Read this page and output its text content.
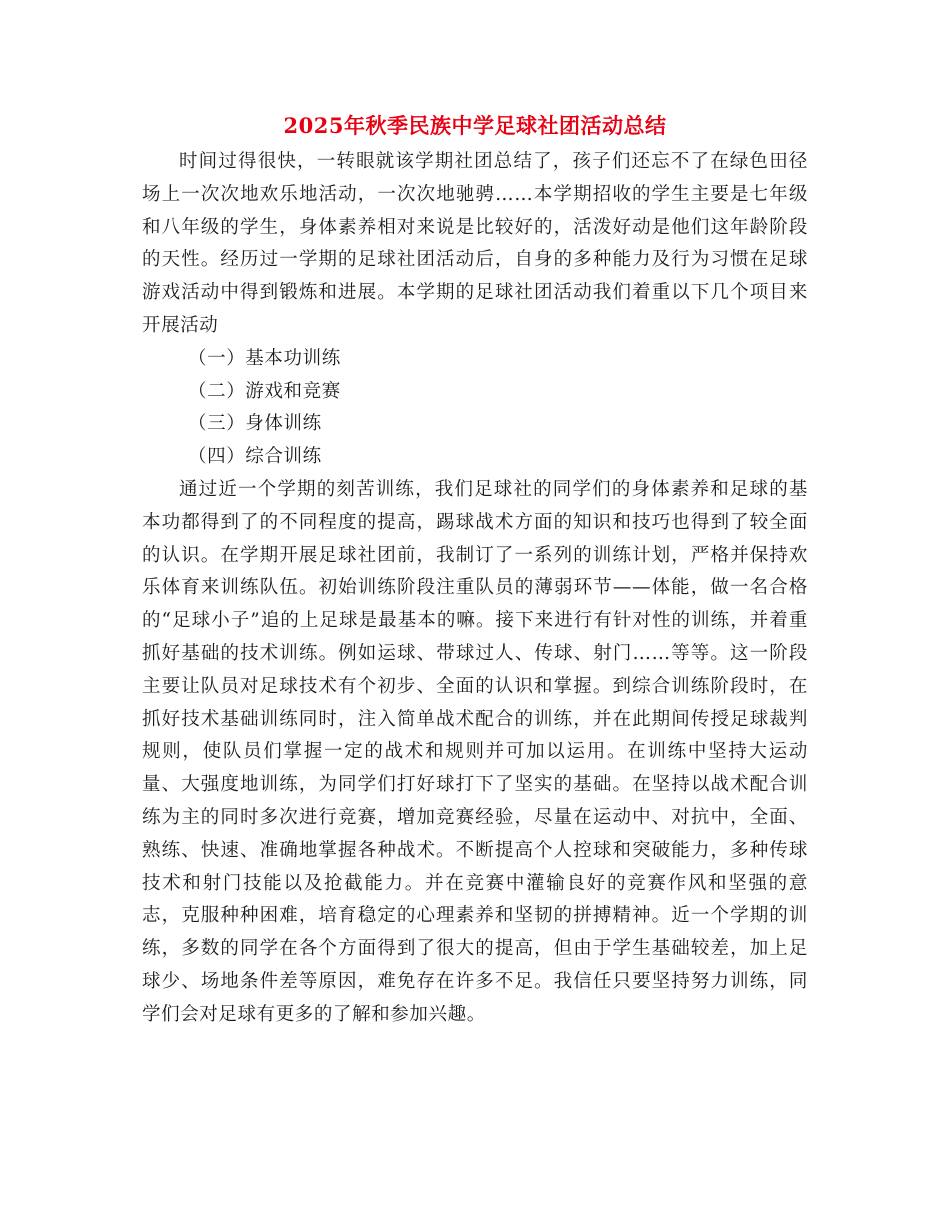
2025年秋季民族中学足球社团活动总结

时间过得很快，一转眼就该学期社团总结了，孩子们还忘不了在绿色田径场上一次次地欢乐地活动，一次次地驰骋……本学期招收的学生主要是七年级和八年级的学生，身体素养相对来说是比较好的，活泼好动是他们这年龄阶段的天性。经历过一学期的足球社团活动后，自身的多种能力及行为习惯在足球游戏活动中得到锻炼和进展。本学期的足球社团活动我们着重以下几个项目来开展活动

（一）基本功训练

（二）游戏和竞赛

（三）身体训练

（四）综合训练

通过近一个学期的刻苦训练，我们足球社的同学们的身体素养和足球的基本功都得到了的不同程度的提高，踢球战术方面的知识和技巧也得到了较全面的认识。在学期开展足球社团前，我制订了一系列的训练计划，严格并保持欢乐体育来训练队伍。初始训练阶段注重队员的薄弱环节——体能，做一名合格的“足球小子”追的上足球是最基本的嘛。接下来进行有针对性的训练，并着重抓好基础的技术训练。例如运球、带球过人、传球、射门……等等。这一阶段主要让队员对足球技术有个初步、全面的认识和掌握。到综合训练阶段时，在抓好技术基础训练同时，注入简单战术配合的训练，并在此期间传授足球裁判规则，使队员们掌握一定的战术和规则并可加以运用。在训练中坚持大运动量、大强度地训练，为同学们打好球打下了坚实的基础。在坚持以战术配合训练为主的同时多次进行竞赛，增加竞赛经验，尽量在运动中、对抗中，全面、熟练、快速、准确地掌握各种战术。不断提高个人控球和突破能力，多种传球技术和射门技能以及抢截能力。并在竞赛中灌输良好的竞赛作风和坚强的意志，克服种种困难，培育稳定的心理素养和坚韧的拼搏精神。近一个学期的训练，多数的同学在各个方面得到了很大的提高，但由于学生基础较差，加上足球少、场地条件差等原因，难免存在许多不足。我信任只要坚持努力训练，同学们会对足球有更多的了解和参加兴趣。
